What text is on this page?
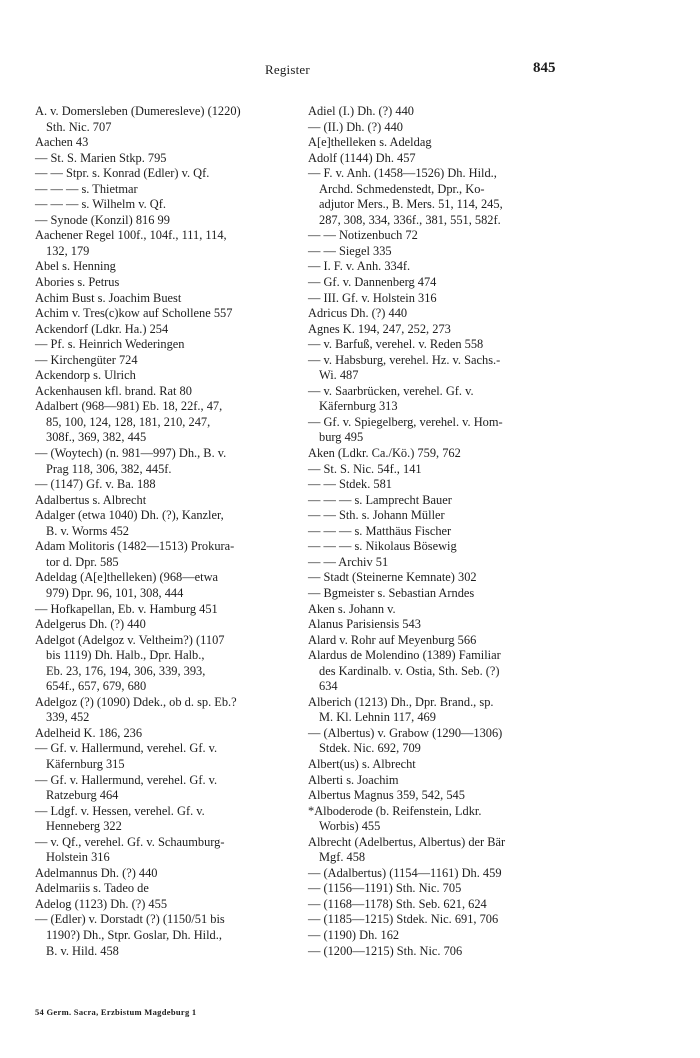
Register	845
A. v. Domersleben (Dumereslеve) (1220)
Sth. Nic. 707
Aachen 43
— St. S. Marien Stkp. 795
— — Stpr. s. Konrad (Edler) v. Qf.
— — — s. Thietmar
— — — s. Wilhelm v. Qf.
— Synode (Konzil) 816 99
Aachener Regel 100f., 104f., 111, 114,
132, 179
Abel s. Henning
Abories s. Petrus
Achim Bust s. Joachim Buest
Achim v. Tres(c)kow auf Schollene 557
Ackendorf (Ldkr. Ha.) 254
— Pf. s. Heinrich Wederingen
— Kirchengüter 724
Ackendorp s. Ulrich
Ackenhausen kfl. brand. Rat 80
Adalbert (968—981) Eb. 18, 22f., 47,
85, 100, 124, 128, 181, 210, 247,
308f., 369, 382, 445
— (Woytech) (n. 981—997) Dh., B. v.
Prag 118, 306, 382, 445f.
— (1147) Gf. v. Ba. 188
Adalbertus s. Albrecht
Adalger (etwa 1040) Dh. (?), Kanzler,
B. v. Worms 452
Adam Molitoris (1482—1513) Prokura-
tor d. Dpr. 585
Adeldag (A[e]thelleken) (968—etwa
979) Dpr. 96, 101, 308, 444
— Hofkapellan, Eb. v. Hamburg 451
Adelgerus Dh. (?) 440
Adelgot (Adelgoz v. Veltheim?) (1107
bis 1119) Dh. Halb., Dpr. Halb.,
Eb. 23, 176, 194, 306, 339, 393,
654f., 657, 679, 680
Adelgoz (?) (1090) Ddek., ob d. sp. Eb.?
339, 452
Adelheid K. 186, 236
— Gf. v. Hallermund, verehel. Gf. v.
Käfernburg 315
— Gf. v. Hallermund, verehel. Gf. v.
Ratzeburg 464
— Ldgf. v. Hessen, verehel. Gf. v.
Henneberg 322
— v. Qf., verehel. Gf. v. Schaumburg-
Holstein 316
Adelmannus Dh. (?) 440
Adelmariis s. Tadeo de
Adelog (1123) Dh. (?) 455
— (Edler) v. Dorstadt (?) (1150/51 bis
1190?) Dh., Stpr. Goslar, Dh. Hild.,
B. v. Hild. 458
Adiel (I.) Dh. (?) 440
— (II.) Dh. (?) 440
A[e]thelleken s. Adeldag
Adolf (1144) Dh. 457
— F. v. Anh. (1458—1526) Dh. Hild.,
Archd. Schmedenstedt, Dpr., Ko-
adjutor Mers., B. Mers. 51, 114, 245,
287, 308, 334, 336f., 381, 551, 582f.
— — Notizenbuch 72
— — Siegel 335
— I. F. v. Anh. 334f.
— Gf. v. Dannenberg 474
— III. Gf. v. Holstein 316
Adricus Dh. (?) 440
Agnes K. 194, 247, 252, 273
— v. Barfuß, verehel. v. Reden 558
— v. Habsburg, verehel. Hz. v. Sachs.-
Wi. 487
— v. Saarbrücken, verehel. Gf. v.
Käfernburg 313
— Gf. v. Spiegelberg, verehel. v. Hom-
burg 495
Aken (Ldkr. Ca./Kö.) 759, 762
— St. S. Nic. 54f., 141
— — Stdek. 581
— — — s. Lamprecht Bauer
— — Sth. s. Johann Müller
— — — s. Matthäus Fischer
— — — s. Nikolaus Bösewig
— — Archiv 51
— Stadt (Steinerne Kemnate) 302
— Bgmeister s. Sebastian Arndes
Aken s. Johann v.
Alanus Parisiensis 543
Alard v. Rohr auf Meyenburg 566
Alardus de Molendino (1389) Familiar
des Kardinalb. v. Ostia, Sth. Seb. (?)
634
Alberich (1213) Dh., Dpr. Brand., sp.
M. Kl. Lehnin 117, 469
— (Albertus) v. Grabow (1290—1306)
Stdek. Nic. 692, 709
Albert(us) s. Albrecht
Alberti s. Joachim
Albertus Magnus 359, 542, 545
*Alboderode (b. Reifenstein, Ldkr.
Worbis) 455
Albrecht (Adelbertus, Albertus) der Bär
Mgf. 458
— (Adalbertus) (1154—1161) Dh. 459
— (1156—1191) Sth. Nic. 705
— (1168—1178) Sth. Seb. 621, 624
— (1185—1215) Stdek. Nic. 691, 706
— (1190) Dh. 162
— (1200—1215) Sth. Nic. 706
54 Germ. Sacra, Erzbistum Magdeburg 1
